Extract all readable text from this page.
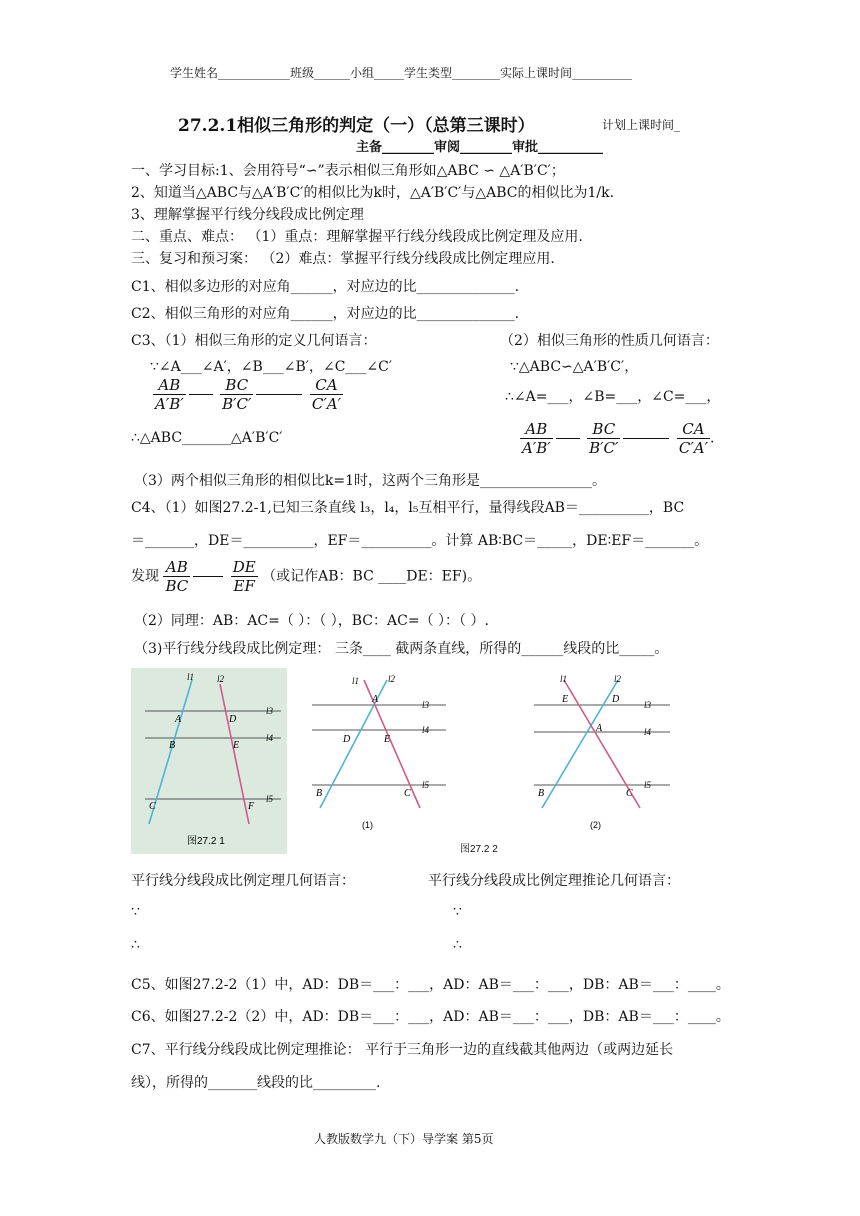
学生姓名____________班级______小组_____学生类型________实际上课时间__________
27.2.1相似三角形的判定（一）（总第三课时）	计划上课时间_
主备________审阅________审批__________
一、学习目标:1、会用符号“∽”表示相似三角形如△ABC ∽ △A′B′C′；
2、知道当△ABC与△A′B′C′的相似比为k时，△A′B′C′与△ABC的相似比为1/k.
3、理解掌握平行线分线段成比例定理
二、重点、难点： （1）重点：理解掌握平行线分线段成比例定理及应用.
三、复习和预习案： （2）难点：掌握平行线分线段成比例定理应用.
C1、相似多边形的对应角______，对应边的比______________.
C2、相似三角形的对应角______，对应边的比______________.
C3、（1）相似三角形的定义几何语言：	（2）相似三角形的性质几何语言：
∵∠A___∠A′，∠B___∠B′，∠C___∠C′	∵△ABC∽△A′B′C′，
$\frac{AB}{A'B'}$
$\frac{BC}{B'C'}$
	$\frac{CA}{C'A'}$	∴∠A=___，∠B=___，∠C=___，
∴△ABC_______△A′B′C′	$\frac{AB}{A'B'}$
$\frac{BC}{B'C'}$
	$\frac{CA}{C'A'}$ .
（3）两个相似三角形的相似比k=1时，这两个三角形是________________。
C4、（1）如图27.2-1,已知三条直线 l₃，l₄，l₅互相平行，量得线段AB＝__________，BC
＝_______，DE＝__________，EF＝__________。计算 AB∶BC＝_____，DE∶EF＝_______。
发现 $\frac{AB}{BC}$
	$\frac{DE}{EF}$ （或记作AB：BC ____DE：EF)。
（2）同理：AB：AC=（ ）：（ ），BC：AC=（ ）：（ ）.
（3)平行线分线段成比例定理： 三条____ 截两条直线，所得的______线段的比_____。
l1	l2
l3
l4
l5
A	D
B	E
C	F
图27.2 1
l1	l2
l3
l4
l5
A
D	E
B	C
(1)
图27.2 2
l1	l2
l3
l4
l5
E	D
A
B	C
(2)
平行线分线段成比例定理几何语言：	平行线分线段成比例定理推论几何语言：
∵	∵
∴	∴
C5、如图27.2-2（1）中，AD：DB＝___：___，AD：AB＝___：___，DB：AB＝___：____。
C6、如图27.2-2（2）中，AD：DB＝___：___，AD：AB＝___：___，DB：AB＝___：____。
C7、平行线分线段成比例定理推论： 平行于三角形一边的直线截其他两边（或两边延长
线），所得的_______线段的比_________.
人教版数学九（下）导学案 第5页
